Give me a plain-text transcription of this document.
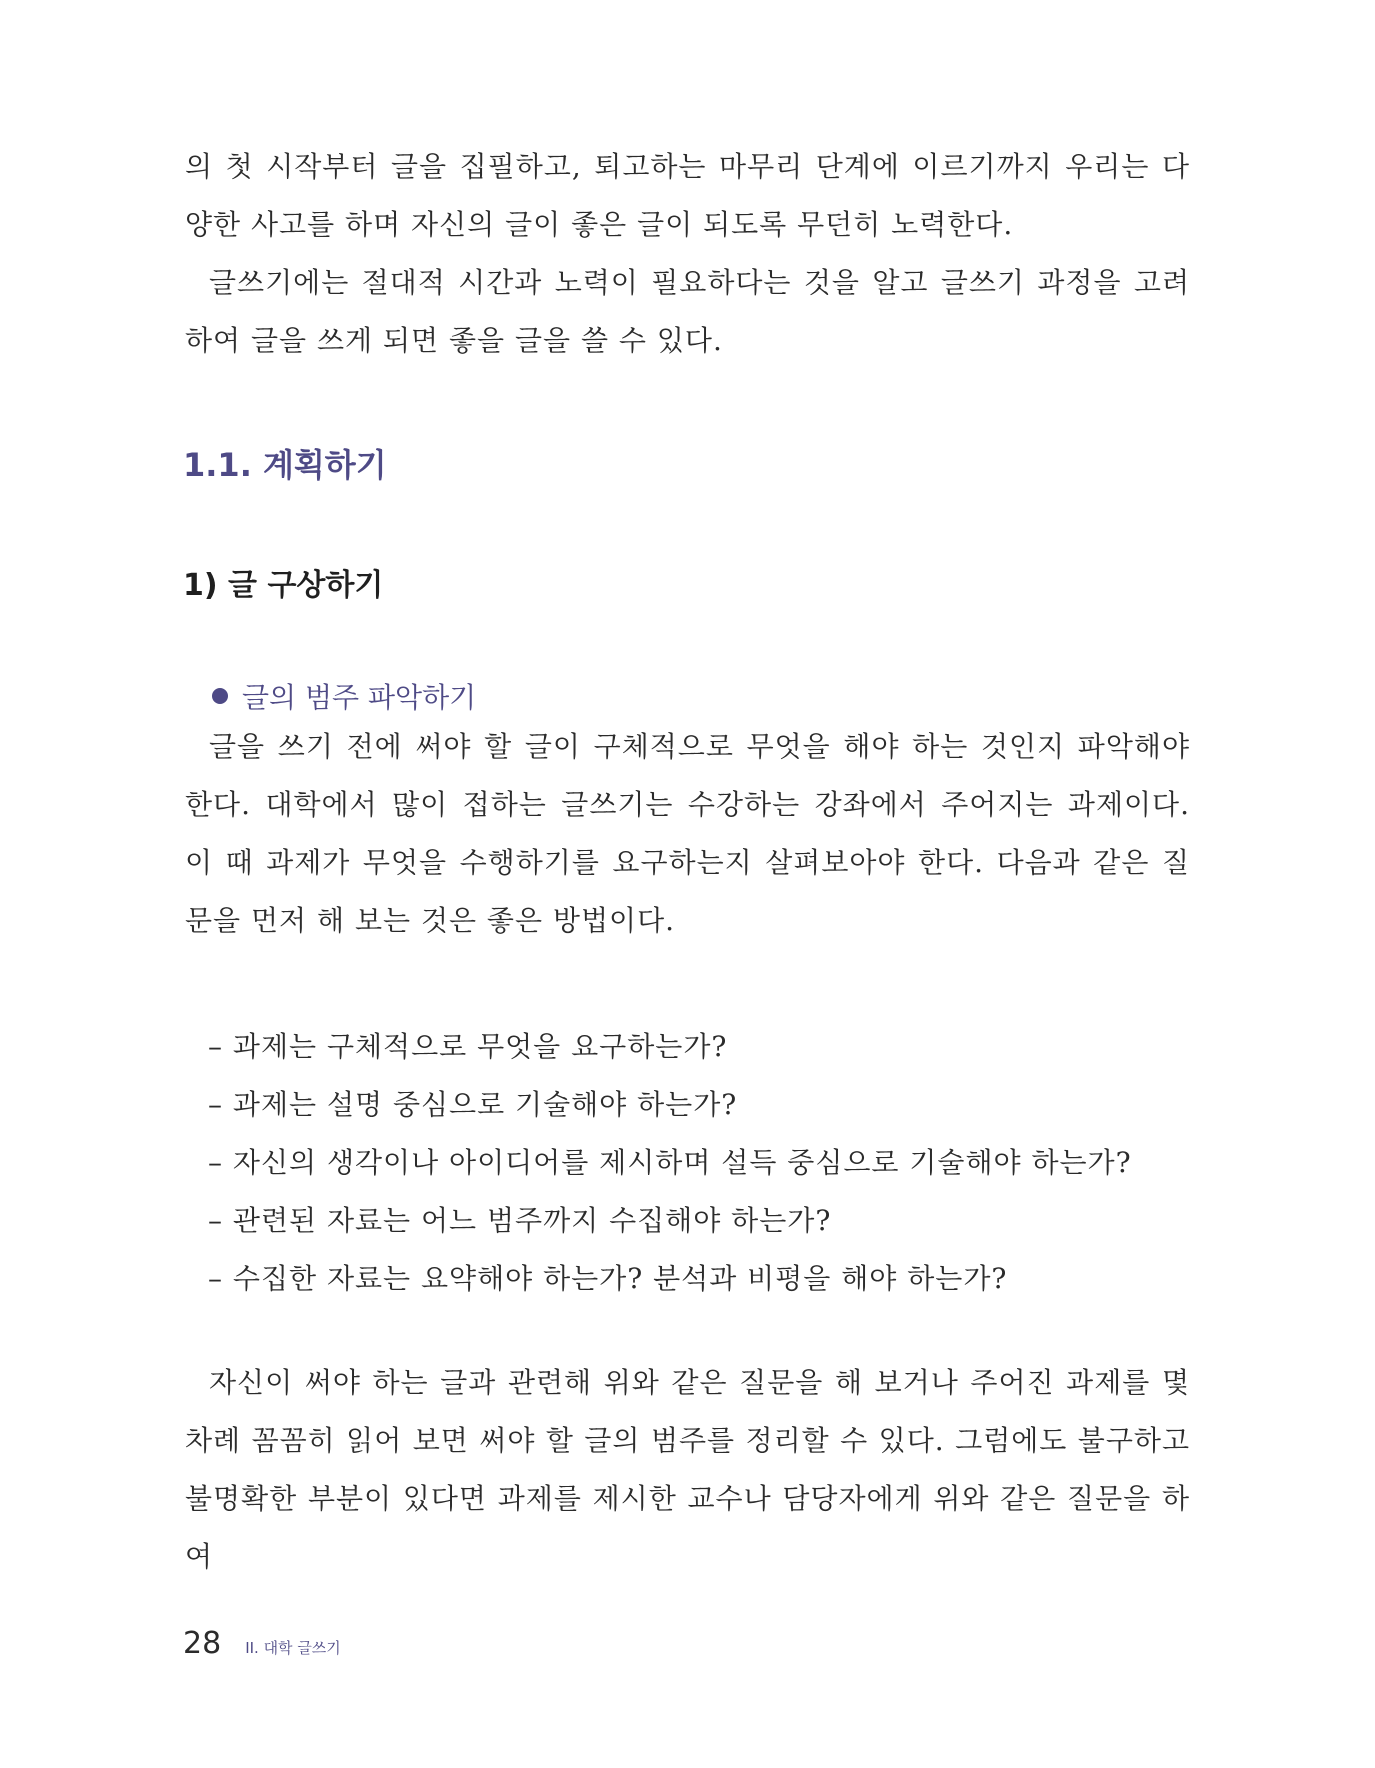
의 첫 시작부터 글을 집필하고, 퇴고하는 마무리 단계에 이르기까지 우리는 다양한 사고를 하며 자신의 글이 좋은 글이 되도록 무던히 노력한다.

글쓰기에는 절대적 시간과 노력이 필요하다는 것을 알고 글쓰기 과정을 고려하여 글을 쓰게 되면 좋을 글을 쓸 수 있다.

1.1. 계획하기
1) 글 구상하기
글의 범주 파악하기

글을 쓰기 전에 써야 할 글이 구체적으로 무엇을 해야 하는 것인지 파악해야 한다. 대학에서 많이 접하는 글쓰기는 수강하는 강좌에서 주어지는 과제이다. 이 때 과제가 무엇을 수행하기를 요구하는지 살펴보아야 한다. 다음과 같은 질문을 먼저 해 보는 것은 좋은 방법이다.

– 과제는 구체적으로 무엇을 요구하는가?
– 과제는 설명 중심으로 기술해야 하는가?
– 자신의 생각이나 아이디어를 제시하며 설득 중심으로 기술해야 하는가?
– 관련된 자료는 어느 범주까지 수집해야 하는가?
– 수집한 자료는 요약해야 하는가? 분석과 비평을 해야 하는가?

자신이 써야 하는 글과 관련해 위와 같은 질문을 해 보거나 주어진 과제를 몇 차례 꼼꼼히 읽어 보면 써야 할 글의 범주를 정리할 수 있다. 그럼에도 불구하고 불명확한 부분이 있다면 과제를 제시한 교수나 담당자에게 위와 같은 질문을 하여

28 II. 대학 글쓰기
